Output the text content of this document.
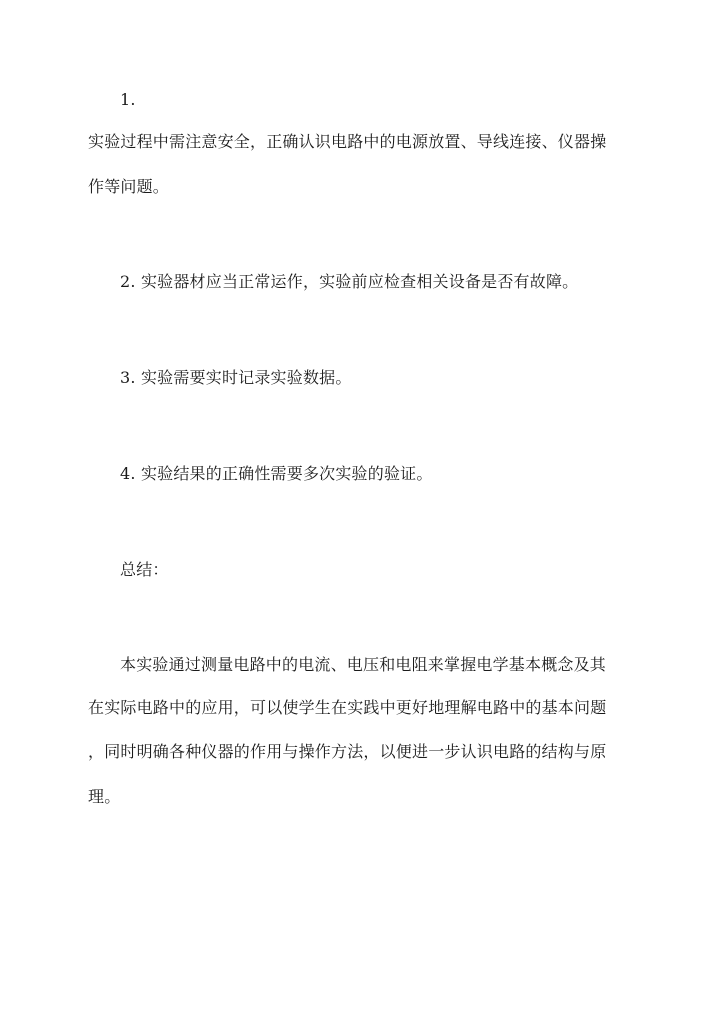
1.

实验过程中需注意安全，正确认识电路中的电源放置、导线连接、仪器操

作等问题。

2. 实验器材应当正常运作，实验前应检查相关设备是否有故障。

3. 实验需要实时记录实验数据。

4. 实验结果的正确性需要多次实验的验证。

总结：

本实验通过测量电路中的电流、电压和电阻来掌握电学基本概念及其

在实际电路中的应用，可以使学生在实践中更好地理解电路中的基本问题

，同时明确各种仪器的作用与操作方法，以便进一步认识电路的结构与原

理。
